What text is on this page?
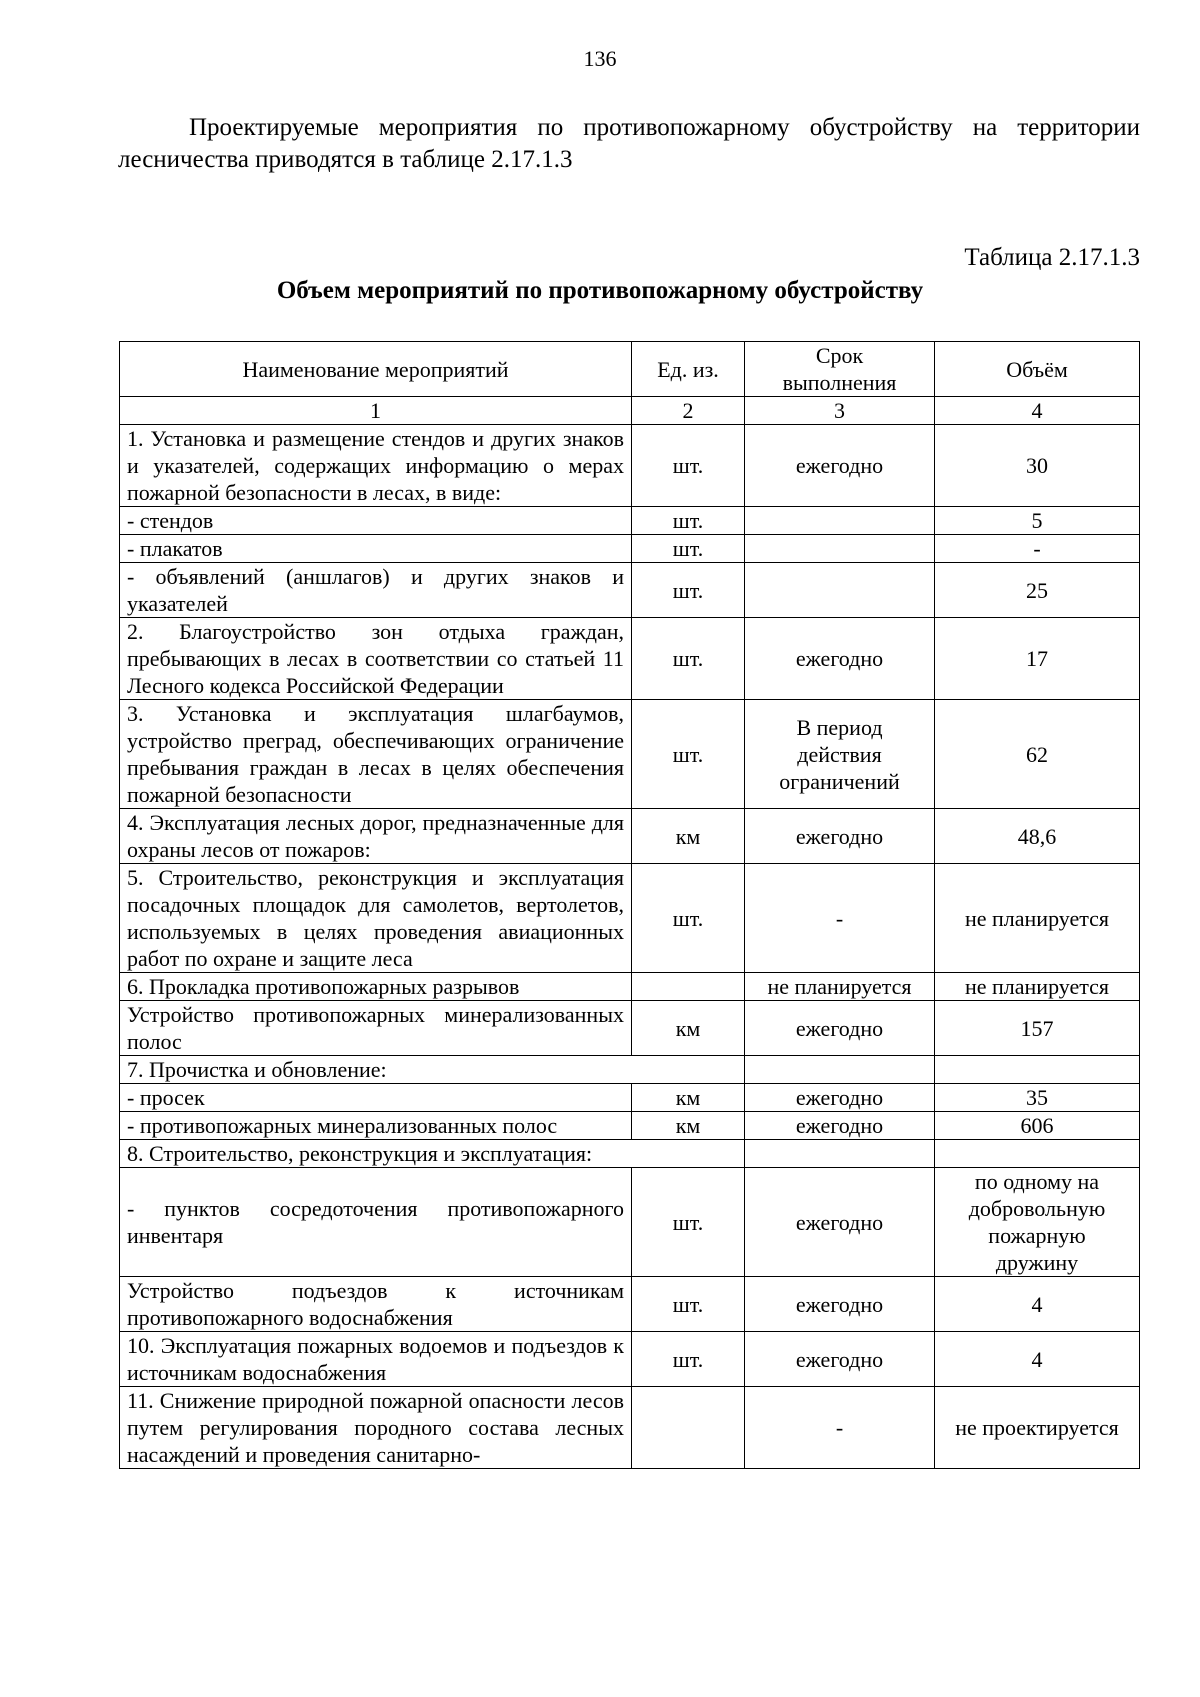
136
Проектируемые мероприятия по противопожарному обустройству на территории лесничества приводятся в таблице 2.17.1.3
Таблица 2.17.1.3
Объем мероприятий по противопожарному обустройству
Наименование мероприятий	Ед. из.	Срок выполнения	Объём
1	2	3	4
1. Установка и размещение стендов и других знаков и указателей, содержащих информацию о мерах пожарной безопасности в лесах, в виде:	шт.	ежегодно	30
- стендов	шт.		5
- плакатов	шт.		-
- объявлений (аншлагов) и других знаков и указателей	шт.		25
2. Благоустройство зон отдыха граждан, пребывающих в лесах в соответствии со статьей 11 Лесного кодекса Российской Федерации	шт.	ежегодно	17
3. Установка и эксплуатация шлагбаумов, устройство преград, обеспечивающих ограничение пребывания граждан в лесах в целях обеспечения пожарной безопасности	шт.	В период действия ограничений	62
4. Эксплуатация лесных дорог, предназначенные для охраны лесов от пожаров:	км	ежегодно	48,6
5. Строительство, реконструкция и эксплуатация посадочных площадок для самолетов, вертолетов, используемых в целях проведения авиационных работ по охране и защите леса	шт.	-	не планируется
6. Прокладка противопожарных разрывов		не планируется	не планируется
Устройство противопожарных минерализованных полос	км	ежегодно	157
7. Прочистка и обновление:			
- просек	км	ежегодно	35
- противопожарных минерализованных полос	км	ежегодно	606
8. Строительство, реконструкция и эксплуатация:			
- пунктов сосредоточения противопожарного инвентаря	шт.	ежегодно	по одному на добровольную пожарную дружину
Устройство подъездов к источникам противопожарного водоснабжения	шт.	ежегодно	4
10. Эксплуатация пожарных водоемов и подъездов к источникам водоснабжения	шт.	ежегодно	4
11. Снижение природной пожарной опасности лесов путем регулирования породного состава лесных насаждений и проведения санитарно-		-	не проектируется
